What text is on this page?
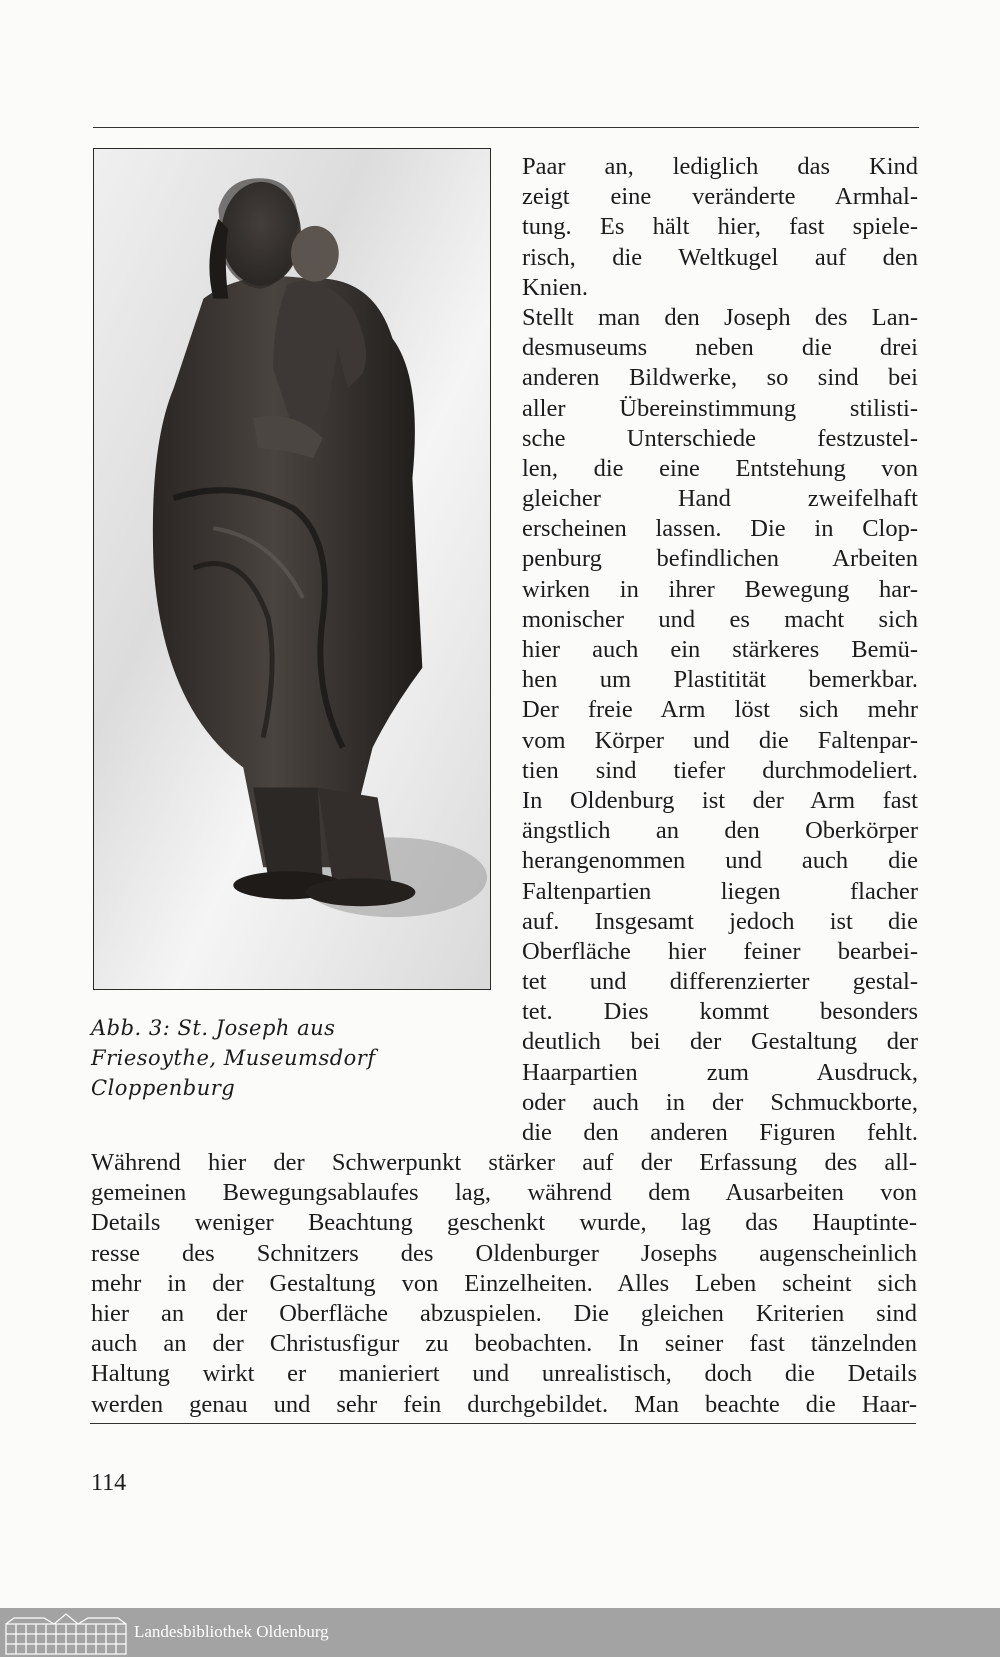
Abb. 3: St. Joseph aus
Friesoythe, Museumsdorf
Cloppenburg

Paar an, lediglich das Kind
zeigt eine veränderte Armhal-
tung. Es hält hier, fast spiele-
risch, die Weltkugel auf den
Knien.
Stellt man den Joseph des Lan-
desmuseums neben die drei
anderen Bildwerke, so sind bei
aller Übereinstimmung stilisti-
sche Unterschiede festzustel-
len, die eine Entstehung von
gleicher Hand zweifelhaft
erscheinen lassen. Die in Clop-
penburg befindlichen Arbeiten
wirken in ihrer Bewegung har-
monischer und es macht sich
hier auch ein stärkeres Bemü-
hen um Plastitität bemerkbar.
Der freie Arm löst sich mehr
vom Körper und die Faltenpar-
tien sind tiefer durchmodeliert.
In Oldenburg ist der Arm fast
ängstlich an den Oberkörper
herangenommen und auch die
Faltenpartien liegen flacher
auf. Insgesamt jedoch ist die
Oberfläche hier feiner bearbei-
tet und differenzierter gestal-
tet. Dies kommt besonders
deutlich bei der Gestaltung der
Haarpartien zum Ausdruck,
oder auch in der Schmuckborte,
die den anderen Figuren fehlt.

Während hier der Schwerpunkt stärker auf der Erfassung des all-
gemeinen Bewegungsablaufes lag, während dem Ausarbeiten von
Details weniger Beachtung geschenkt wurde, lag das Hauptinte-
resse des Schnitzers des Oldenburger Josephs augenscheinlich
mehr in der Gestaltung von Einzelheiten. Alles Leben scheint sich
hier an der Oberfläche abzuspielen. Die gleichen Kriterien sind
auch an der Christusfigur zu beobachten. In seiner fast tänzelnden
Haltung wirkt er manieriert und unrealistisch, doch die Details
werden genau und sehr fein durchgebildet. Man beachte die Haar-

114

Landesbibliothek Oldenburg
